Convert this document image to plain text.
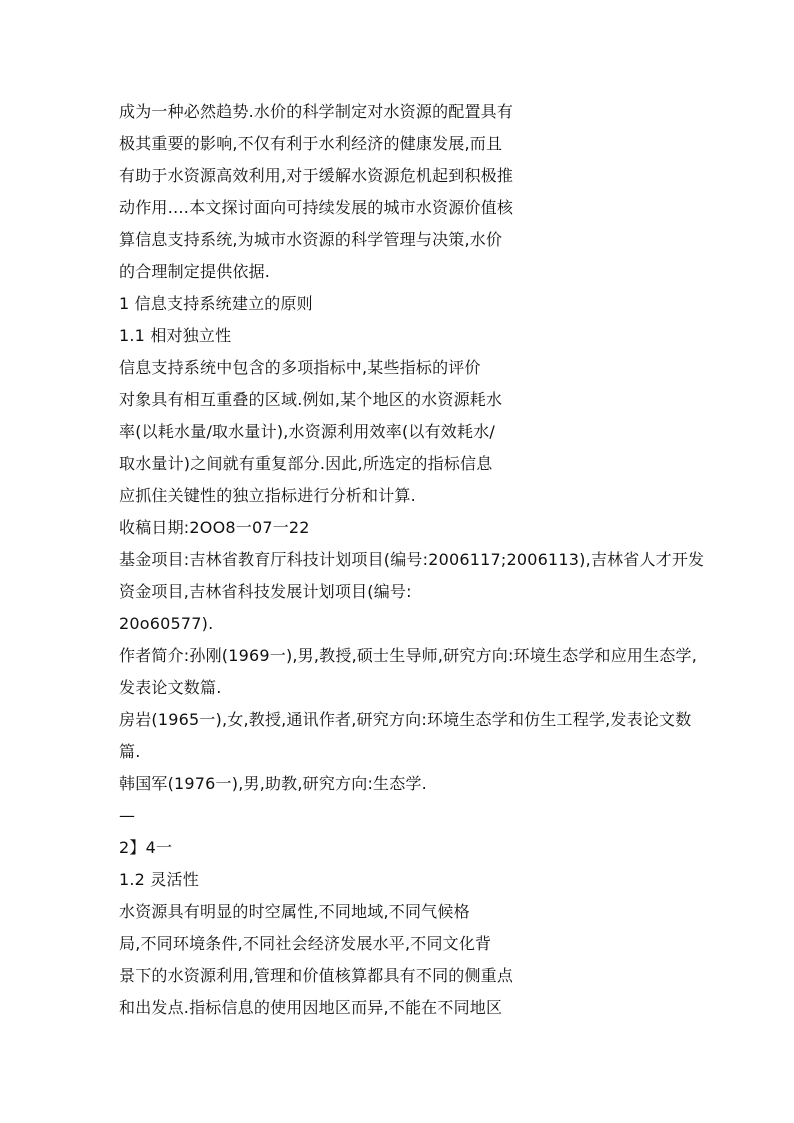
成为一种必然趋势.水价的科学制定对水资源的配置具有
极其重要的影响,不仅有利于水利经济的健康发展,而且
有助于水资源高效利用,对于缓解水资源危机起到积极推
动作用….本文探讨面向可持续发展的城市水资源价值核
算信息支持系统,为城市水资源的科学管理与决策,水价
的合理制定提供依据.
1 信息支持系统建立的原则
1.1 相对独立性
信息支持系统中包含的多项指标中,某些指标的评价
对象具有相互重叠的区域.例如,某个地区的水资源耗水
率(以耗水量/取水量计),水资源利用效率(以有效耗水/
取水量计)之间就有重复部分.因此,所选定的指标信息
应抓住关键性的独立指标进行分析和计算.
收稿日期:2OO8一07一22
基金项目:吉林省教育厅科技计划项目(编号:2006117;2006113),吉林省人才开发
资金项目,吉林省科技发展计划项目(编号:
20o60577).
作者简介:孙刚(1969一),男,教授,硕士生导师,研究方向:环境生态学和应用生态学,
发表论文数篇.
房岩(1965一),女,教授,通讯作者,研究方向:环境生态学和仿生工程学,发表论文数
篇.
韩国军(1976一),男,助教,研究方向:生态学.
—
2】4一
1.2 灵活性
水资源具有明显的时空属性,不同地域,不同气候格
局,不同环境条件,不同社会经济发展水平,不同文化背
景下的水资源利用,管理和价值核算都具有不同的侧重点
和出发点.指标信息的使用因地区而异,不能在不同地区
